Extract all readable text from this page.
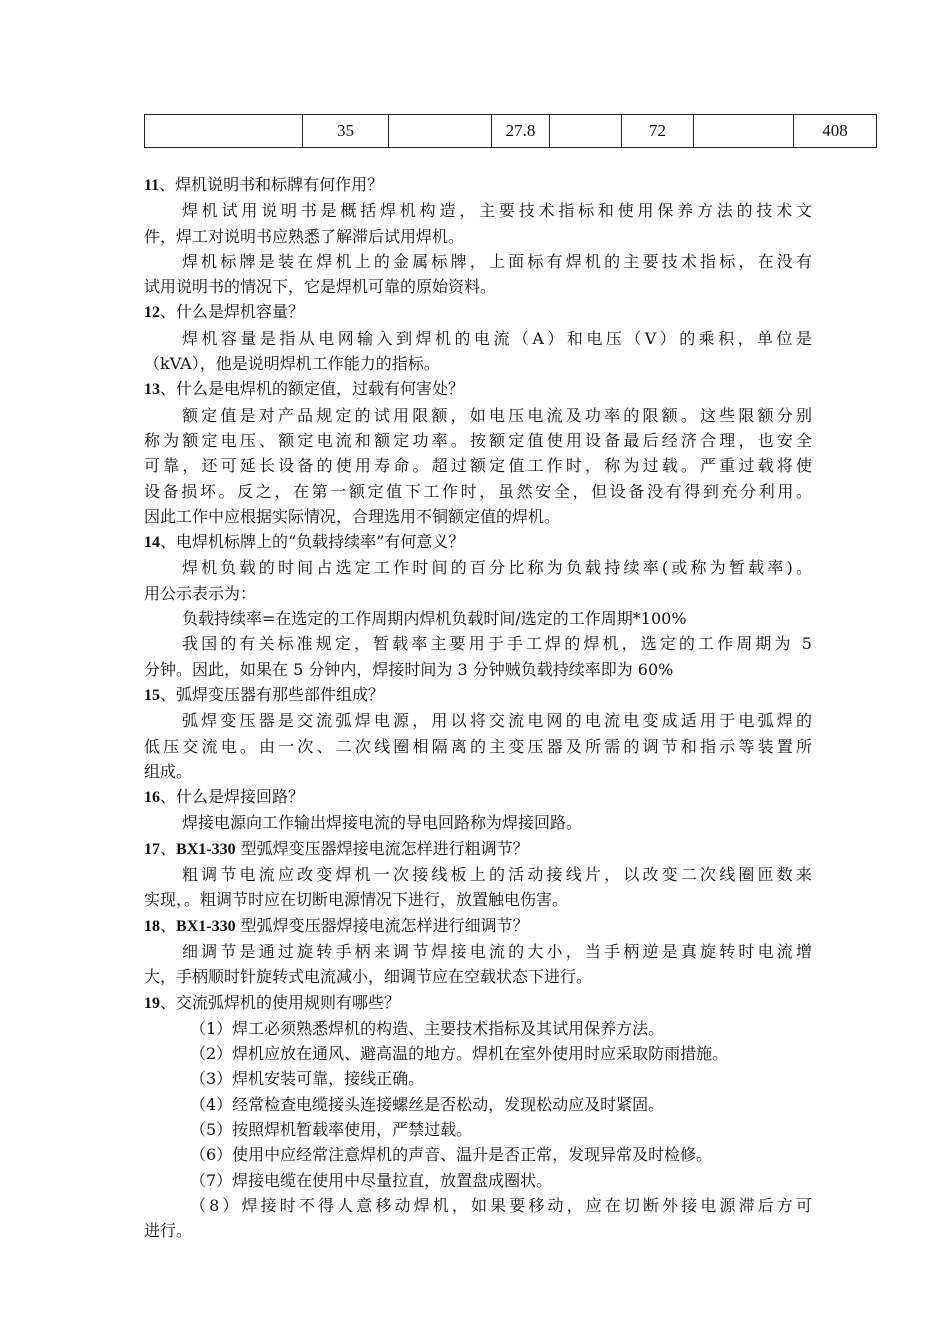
	35		27.8		72		408
11、焊机说明书和标牌有何作用？
焊机试用说明书是概括焊机构造，主要技术指标和使用保养方法的技术文
件，焊工对说明书应熟悉了解滞后试用焊机。
焊机标牌是装在焊机上的金属标牌，上面标有焊机的主要技术指标，在没有
试用说明书的情况下，它是焊机可靠的原始资料。
12、什么是焊机容量？
焊机容量是指从电网输入到焊机的电流（A）和电压（V）的乘积，单位是
（kVA），他是说明焊机工作能力的指标。
13、什么是电焊机的额定值，过载有何害处？
额定值是对产品规定的试用限额，如电压电流及功率的限额。这些限额分别
称为额定电压、额定电流和额定功率。按额定值使用设备最后经济合理，也安全
可靠，还可延长设备的使用寿命。超过额定值工作时，称为过载。严重过载将使
设备损坏。反之，在第一额定值下工作时，虽然安全，但设备没有得到充分利用。
因此工作中应根据实际情况，合理选用不铜额定值的焊机。
14、电焊机标牌上的“负载持续率”有何意义？
焊机负载的时间占选定工作时间的百分比称为负载持续率(或称为暂载率)。
用公示表示为：
负载持续率=在选定的工作周期内焊机负载时间/选定的工作周期*100%
我国的有关标准规定，暂载率主要用于手工焊的焊机，选定的工作周期为 5
分钟。因此，如果在 5 分钟内，焊接时间为 3 分钟贼负载持续率即为 60%
15、弧焊变压器有那些部件组成？
弧焊变压器是交流弧焊电源，用以将交流电网的电流电变成适用于电弧焊的
低压交流电。由一次、二次线圈相隔离的主变压器及所需的调节和指示等装置所
组成。
16、什么是焊接回路？
焊接电源向工作输出焊接电流的导电回路称为焊接回路。
17、BX1-330 型弧焊变压器焊接电流怎样进行粗调节？
粗调节电流应改变焊机一次接线板上的活动接线片，以改变二次线圈匝数来
实现，。粗调节时应在切断电源情况下进行，放置触电伤害。
18、BX1-330 型弧焊变压器焊接电流怎样进行细调节？
细调节是通过旋转手柄来调节焊接电流的大小，当手柄逆是真旋转时电流增
大，手柄顺时针旋转式电流减小，细调节应在空载状态下进行。
19、交流弧焊机的使用规则有哪些？
（1）焊工必须熟悉焊机的构造、主要技术指标及其试用保养方法。
（2）焊机应放在通风、避高温的地方。焊机在室外使用时应采取防雨措施。
（3）焊机安装可靠，接线正确。
（4）经常检查电缆接头连接螺丝是否松动，发现松动应及时紧固。
（5）按照焊机暂载率使用，严禁过载。
（6）使用中应经常注意焊机的声音、温升是否正常，发现异常及时检修。
（7）焊接电缆在使用中尽量拉直，放置盘成圈状。
（8）焊接时不得人意移动焊机，如果要移动，应在切断外接电源滞后方可
进行。
